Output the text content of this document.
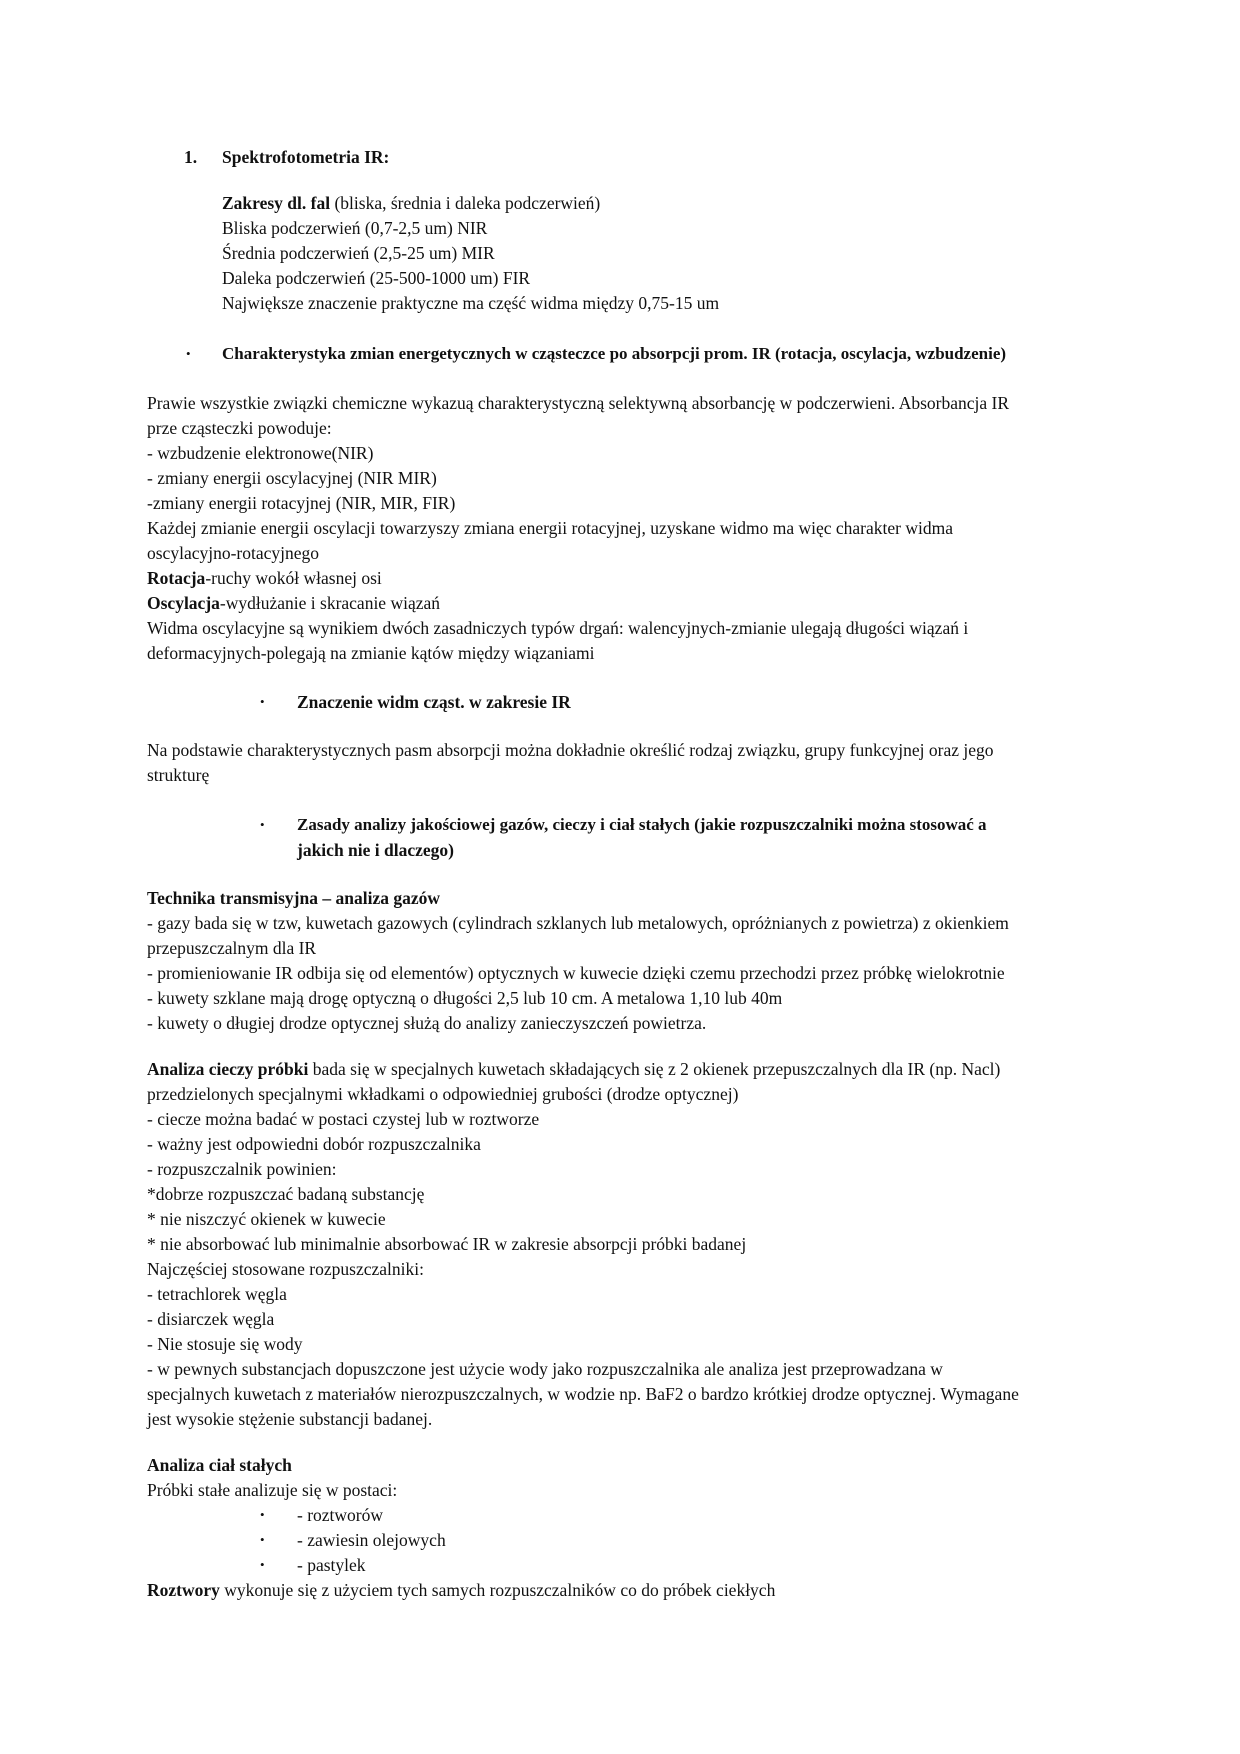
1. Spektrofotometria IR:
Zakresy dl. fal (bliska, średnia i daleka podczerwień)
Bliska podczerwień (0,7-2,5 um) NIR
Średnia podczerwień (2,5-25 um) MIR
Daleka podczerwień (25-500-1000 um) FIR
Największe znaczenie praktyczne ma część widma między 0,75-15 um
• Charakterystyka zmian energetycznych w cząsteczce po absorpcji prom. IR (rotacja, oscylacja, wzbudzenie)
Prawie wszystkie związki chemiczne wykazuą charakterystyczną selektywną absorbancję w podczerwieni. Absorbancja IR
prze cząsteczki powoduje:
- wzbudzenie elektronowe(NIR)
- zmiany energii oscylacyjnej (NIR MIR)
-zmiany energii rotacyjnej (NIR, MIR, FIR)
Każdej zmianie energii oscylacji towarzyszy zmiana energii rotacyjnej, uzyskane widmo ma więc charakter widma
oscylacyjno-rotacyjnego
Rotacja-ruchy wokół własnej osi
Oscylacja-wydłużanie i skracanie wiązań
Widma oscylacyjne są wynikiem dwóch zasadniczych typów drgań: walencyjnych-zmianie ulegają długości wiązań i
deformacyjnych-polegają na zmianie kątów między wiązaniami
• Znaczenie widm cząst. w zakresie IR
Na podstawie charakterystycznych pasm absorpcji można dokładnie określić rodzaj związku, grupy funkcyjnej oraz jego
strukturę
• Zasady analizy jakościowej gazów, cieczy i ciał stałych (jakie rozpuszczalniki można stosować a
jakich nie i dlaczego)
Technika transmisyjna – analiza gazów
- gazy bada się w tzw, kuwetach gazowych (cylindrach szklanych lub metalowych, opróżnianych z powietrza) z okienkiem
przepuszczalnym dla IR
- promieniowanie IR odbija się od elementów) optycznych w kuwecie dzięki czemu przechodzi przez próbkę wielokrotnie
- kuwety szklane mają drogę optyczną o długości 2,5 lub 10 cm. A metalowa 1,10 lub 40m
- kuwety o długiej drodze optycznej służą do analizy zanieczyszczeń powietrza.
Analiza cieczy próbki bada się w specjalnych kuwetach składających się z 2 okienek przepuszczalnych dla IR (np. Nacl)
przedzielonych specjalnymi wkładkami o odpowiedniej grubości (drodze optycznej)
- ciecze można badać w postaci czystej lub w roztworze
- ważny jest odpowiedni dobór rozpuszczalnika
- rozpuszczalnik powinien:
*dobrze rozpuszczać badaną substancję
* nie niszczyć okienek w kuwecie
* nie absorbować lub minimalnie absorbować IR w zakresie absorpcji próbki badanej
Najczęściej stosowane rozpuszczalniki:
- tetrachlorek węgla
- disiarczek węgla
- Nie stosuje się wody
- w pewnych substancjach dopuszczone jest użycie wody jako rozpuszczalnika ale analiza jest przeprowadzana w
specjalnych kuwetach z materiałów nierozpuszczalnych, w wodzie np. BaF2 o bardzo krótkiej drodze optycznej. Wymagane
jest wysokie stężenie substancji badanej.
Analiza ciał stałych
Próbki stałe analizuje się w postaci:
• - roztworów
• - zawiesin olejowych
• - pastylek
Roztwory wykonuje się z użyciem tych samych rozpuszczalników co do próbek ciekłych
